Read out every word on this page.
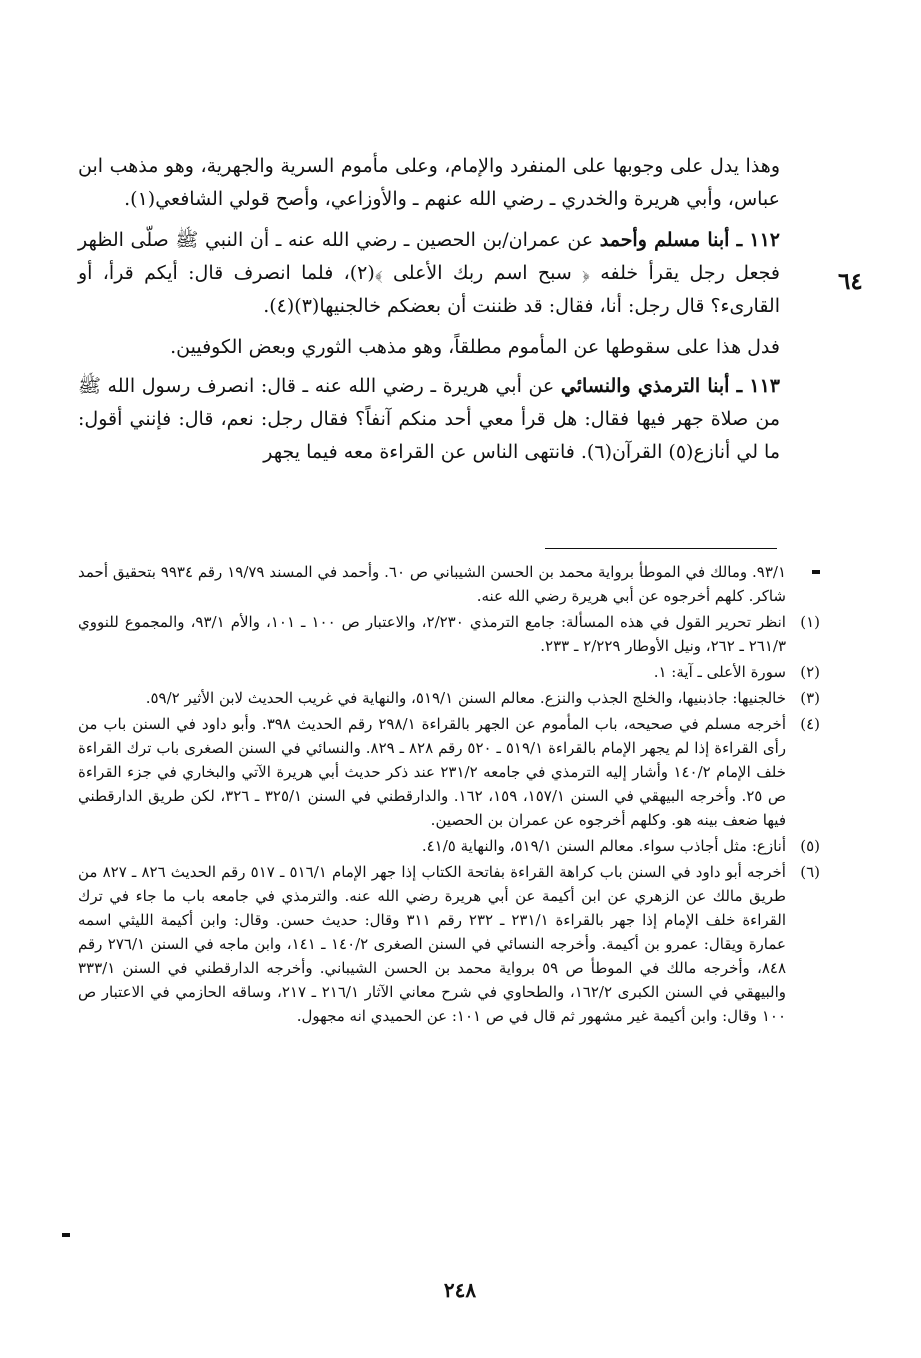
٦٤

وهذا يدل على وجوبها على المنفرد والإمام، وعلى مأموم السرية والجهرية، وهو مذهب ابن عباس، وأبي هريرة والخدري ـ رضي الله عنهم ـ والأوزاعي، وأصح قولي الشافعي(١).

١١٢ ـ أبنا مسلم وأحمد عن عمران/بن الحصين ـ رضي الله عنه ـ أن النبي ﷺ صلّى الظهر فجعل رجل يقرأ خلفه ﴿ سبح اسم ربك الأعلى ﴾(٢)، فلما انصرف قال: أيكم قرأ، أو القارىء؟ قال رجل: أنا، فقال: قد ظننت أن بعضكم خالجنيها(٣)(٤).

فدل هذا على سقوطها عن المأموم مطلقاً، وهو مذهب الثوري وبعض الكوفيين.

١١٣ ـ أبنا الترمذي والنسائي عن أبي هريرة ـ رضي الله عنه ـ قال: انصرف رسول الله ﷺ من صلاة جهر فيها فقال: هل قرأ معي أحد منكم آنفاً؟ فقال رجل: نعم، قال: فإنني أقول: ما لي أنازع(٥) القرآن(٦). فانتهى الناس عن القراءة معه فيما يجهر

٩٣/١. ومالك في الموطأ برواية محمد بن الحسن الشيباني ص ٦٠. وأحمد في المسند ١٩/٧٩ رقم ٩٩٣٤ بتحقيق أحمد شاكر. كلهم أخرجوه عن أبي هريرة رضي الله عنه.
(١)
انظر تحرير القول في هذه المسألة: جامع الترمذي ٢/٢٣٠، والاعتبار ص ١٠٠ ـ ١٠١، والأم ٩٣/١، والمجموع للنووي ٢٦١/٣ ـ ٢٦٢، ونيل الأوطار ٢/٢٢٩ ـ ٢٣٣.
(٢)
سورة الأعلى ـ آية: ١.
(٣)
خالجنيها: جاذبنيها، والخلج الجذب والنزع. معالم السنن ٥١٩/١، والنهاية في غريب الحديث لابن الأثير ٥٩/٢.
(٤)
أخرجه مسلم في صحيحه، باب المأموم عن الجهر بالقراءة ٢٩٨/١ رقم الحديث ٣٩٨. وأبو داود في السنن باب من رأى القراءة إذا لم يجهر الإمام بالقراءة ٥١٩/١ ـ ٥٢٠ رقم ٨٢٨ ـ ٨٢٩. والنسائي في السنن الصغرى باب ترك القراءة خلف الإمام ١٤٠/٢ وأشار إليه الترمذي في جامعه ٢٣١/٢ عند ذكر حديث أبي هريرة الآتي والبخاري في جزء القراءة ص ٢٥. وأخرجه البيهقي في السنن ١٥٧/١، ١٥٩، ١٦٢. والدارقطني في السنن ٣٢٥/١ ـ ٣٢٦، لكن طريق الدارقطني فيها ضعف بينه هو. وكلهم أخرجوه عن عمران بن الحصين.
(٥)
أنازع: مثل أجاذب سواء. معالم السنن ٥١٩/١، والنهاية ٤١/٥.
(٦)
أخرجه أبو داود في السنن باب كراهة القراءة بفاتحة الكتاب إذا جهر الإمام ٥١٦/١ ـ ٥١٧ رقم الحديث ٨٢٦ ـ ٨٢٧ من طريق مالك عن الزهري عن ابن أكيمة عن أبي هريرة رضي الله عنه. والترمذي في جامعه باب ما جاء في ترك القراءة خلف الإمام إذا جهر بالقراءة ٢٣١/١ ـ ٢٣٢ رقم ٣١١ وقال: حديث حسن. وقال: وابن أكيمة الليثي اسمه عمارة ويقال: عمرو بن أكيمة. وأخرجه النسائي في السنن الصغرى ١٤٠/٢ ـ ١٤١، وابن ماجه في السنن ٢٧٦/١ رقم ٨٤٨، وأخرجه مالك في الموطأ ص ٥٩ برواية محمد بن الحسن الشيباني. وأخرجه الدارقطني في السنن ٣٣٣/١ والبيهقي في السنن الكبرى ١٦٢/٢، والطحاوي في شرح معاني الآثار ٢١٦/١ ـ ٢١٧، وساقه الحازمي في الاعتبار ص ١٠٠ وقال: وابن أكيمة غير مشهور ثم قال في ص ١٠١: عن الحميدي انه مجهول.
٢٤٨
